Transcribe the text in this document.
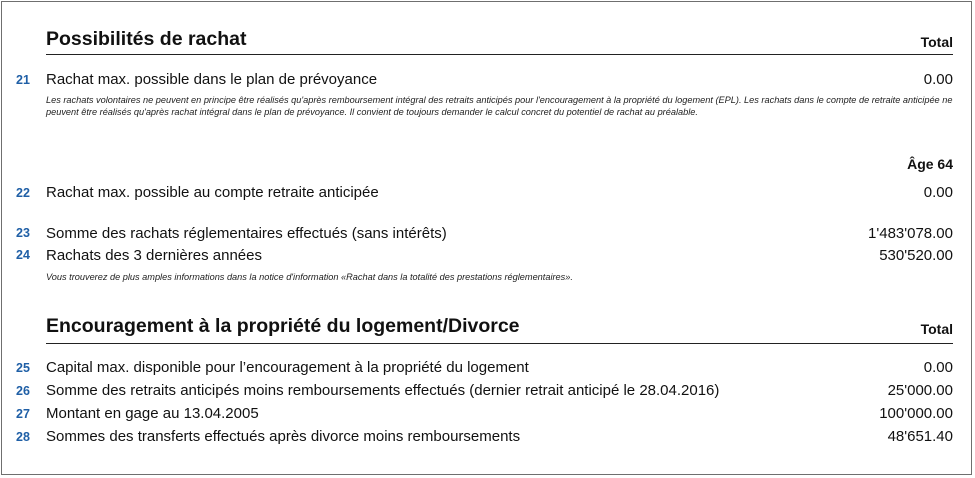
Possibilités de rachat	Total
21 Rachat max. possible dans le plan de prévoyance	0.00
Les rachats volontaires ne peuvent en principe être réalisés qu'après remboursement intégral des retraits anticipés pour l'encouragement à la propriété du logement (EPL). Les rachats dans le compte de retraite anticipée ne peuvent être réalisés qu'après rachat intégral dans le plan de prévoyance. Il convient de toujours demander le calcul concret du potentiel de rachat au préalable.
Âge 64
22 Rachat max. possible au compte retraite anticipée	0.00
23 Somme des rachats réglementaires effectués (sans intérêts)	1'483'078.00
24 Rachats des 3 dernières années	530'520.00
Vous trouverez de plus amples informations dans la notice d'information «Rachat dans la totalité des prestations réglementaires».
Encouragement à la propriété du logement/Divorce	Total
25 Capital max. disponible pour l’encouragement à la propriété du logement	0.00
26 Somme des retraits anticipés moins remboursements effectués (dernier retrait anticipé le 28.04.2016)	25'000.00
27 Montant en gage au 13.04.2005	100'000.00
28 Sommes des transferts effectués après divorce moins remboursements	48'651.40
